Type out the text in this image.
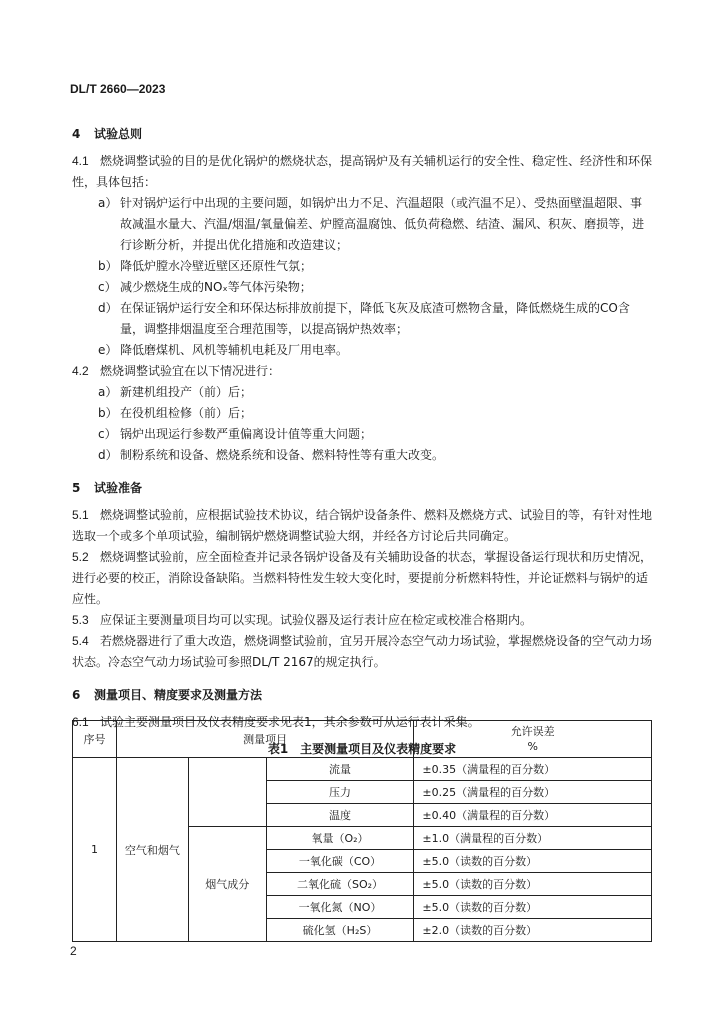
DL/T 2660—2023
4 试验总则
4.1 燃烧调整试验的目的是优化锅炉的燃烧状态，提高锅炉及有关辅机运行的安全性、稳定性、经济性和环保性，具体包括：
a） 针对锅炉运行中出现的主要问题，如锅炉出力不足、汽温超限（或汽温不足）、受热面壁温超限、事故减温水量大、汽温/烟温/氧量偏差、炉膛高温腐蚀、低负荷稳燃、结渣、漏风、积灰、磨损等，进行诊断分析，并提出优化措施和改造建议；
b） 降低炉膛水冷壁近壁区还原性气氛；
c） 减少燃烧生成的NOₓ等气体污染物；
d） 在保证锅炉运行安全和环保达标排放前提下，降低飞灰及底渣可燃物含量，降低燃烧生成的CO含量，调整排烟温度至合理范围等，以提高锅炉热效率；
e） 降低磨煤机、风机等辅机电耗及厂用电率。
4.2 燃烧调整试验宜在以下情况进行：
a） 新建机组投产（前）后；
b） 在役机组检修（前）后；
c） 锅炉出现运行参数严重偏离设计值等重大问题；
d） 制粉系统和设备、燃烧系统和设备、燃料特性等有重大改变。
5 试验准备
5.1 燃烧调整试验前，应根据试验技术协议，结合锅炉设备条件、燃料及燃烧方式、试验目的等，有针对性地选取一个或多个单项试验，编制锅炉燃烧调整试验大纲，并经各方讨论后共同确定。
5.2 燃烧调整试验前，应全面检查并记录各锅炉设备及有关辅助设备的状态，掌握设备运行现状和历史情况，进行必要的校正，消除设备缺陷。当燃料特性发生较大变化时，要提前分析燃料特性，并论证燃料与锅炉的适应性。
5.3 应保证主要测量项目均可以实现。试验仪器及运行表计应在检定或校准合格期内。
5.4 若燃烧器进行了重大改造，燃烧调整试验前，宜另开展冷态空气动力场试验，掌握燃烧设备的空气动力场状态。冷态空气动力场试验可参照DL/T 2167的规定执行。
6 测量项目、精度要求及测量方法
6.1 试验主要测量项目及仪表精度要求见表1，其余参数可从运行表计采集。
表1　主要测量项目及仪表精度要求
序号	测量项目			允许误差
%
1	空气和烟气		流量	±0.35（满量程的百分数）
			压力	±0.25（满量程的百分数）
			温度	±0.40（满量程的百分数）
		烟气成分	氧量（O₂）	±1.0（满量程的百分数）
			一氧化碳（CO）	±5.0（读数的百分数）
			二氧化硫（SO₂）	±5.0（读数的百分数）
			一氧化氮（NO）	±5.0（读数的百分数）
			硫化氢（H₂S）	±2.0（读数的百分数）
2
